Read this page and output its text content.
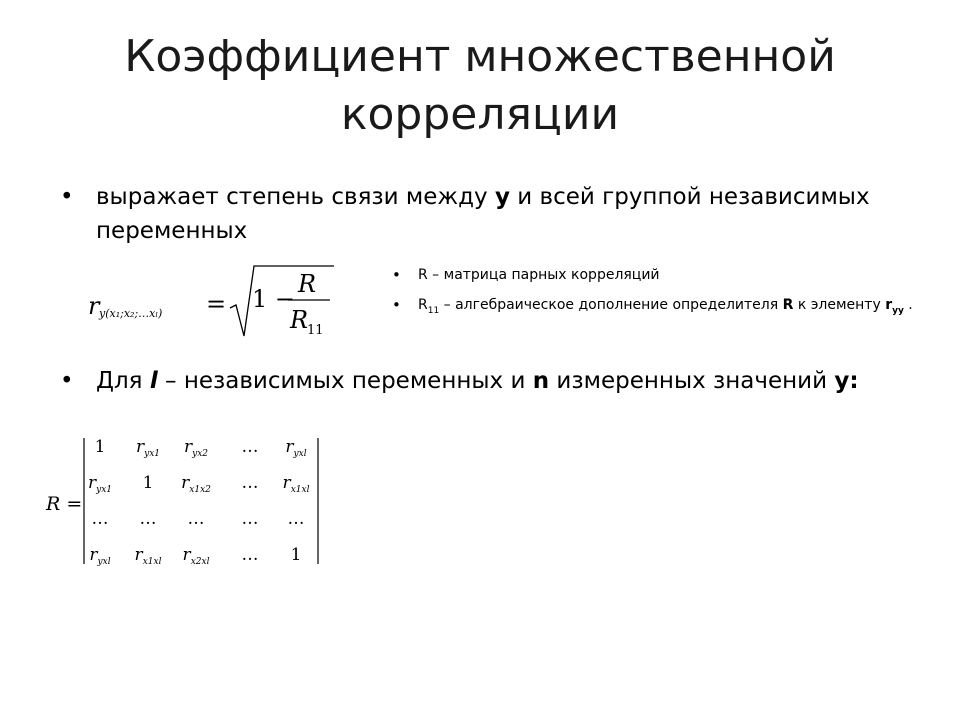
Коэффициент множественной корреляции
• выражает степень связи между y и всей группой независимых переменных
r y(x₁;x₂;…xₗ) = 1 −
R
R
11
• R – матрица парных корреляций
• $R_{11}$ – алгебраическое дополнение определителя R к элементу $r_{yy}$ .
• Для l – независимых переменных и n измеренных значений y:
R =
1 $r_{yx1}$ $r_{yx2}$ … $r_{yxl}$
$r_{yx1}$ 1 $r_{x1x2}$ … $r_{x1xl}$
… … … … …
$r_{yxl}$ $r_{x1xl}$ $r_{x2xl}$ … 1
